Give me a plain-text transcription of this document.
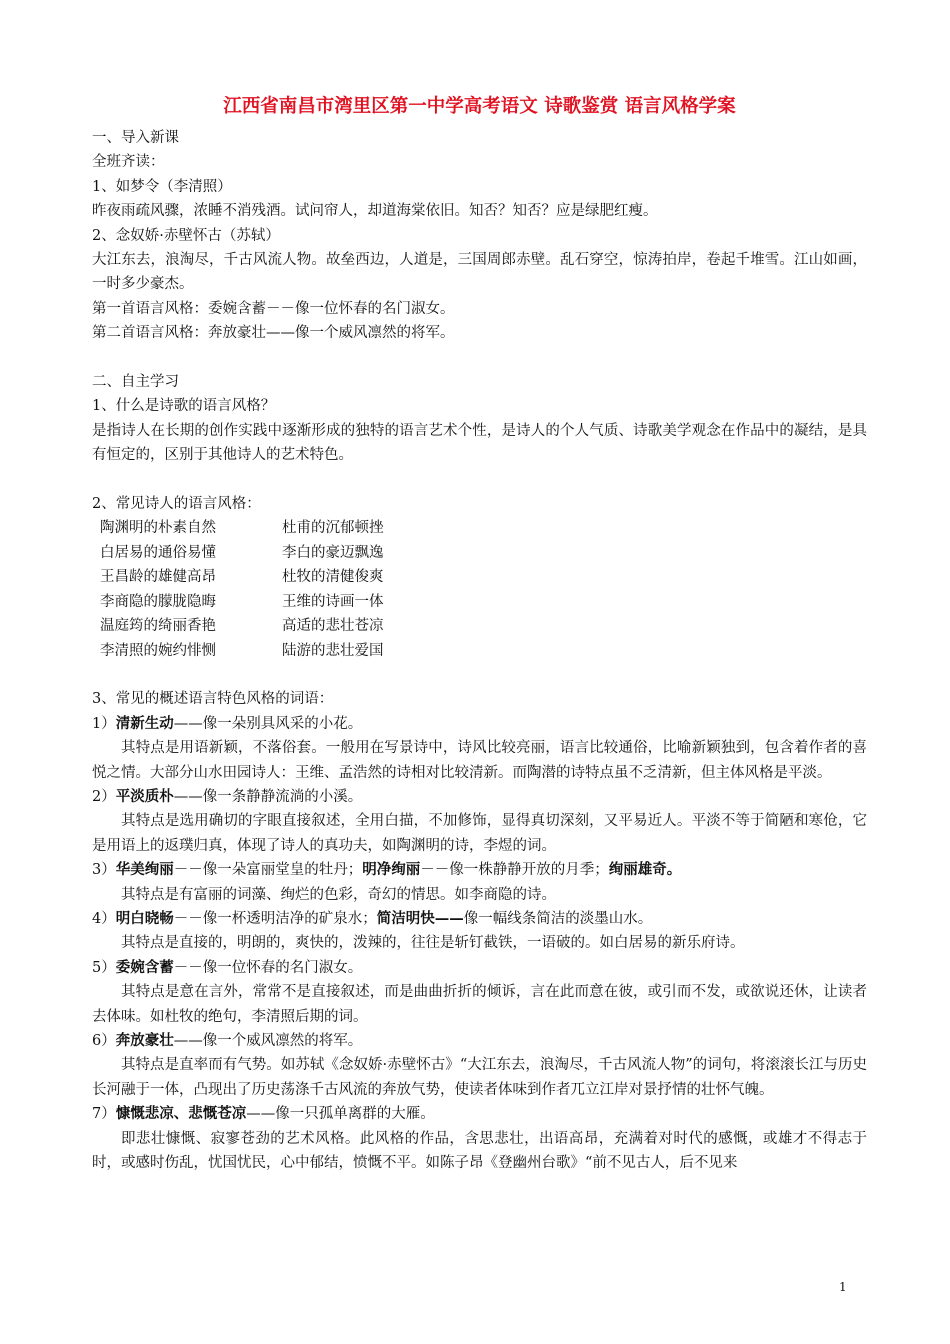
江西省南昌市湾里区第一中学高考语文 诗歌鉴赏 语言风格学案

一、导入新课

全班齐读：

1、如梦令（李清照）

昨夜雨疏风骤，浓睡不消残酒。试问帘人，却道海棠依旧。知否？知否？应是绿肥红瘦。

2、念奴娇·赤壁怀古（苏轼）

大江东去，浪淘尽，千古风流人物。故垒西边，人道是，三国周郎赤壁。乱石穿空，惊涛拍岸，卷起千堆雪。江山如画，一时多少豪杰。

第一首语言风格：委婉含蓄－－像一位怀春的名门淑女。

第二首语言风格：奔放豪壮——像一个威风凛然的将军。

二、自主学习

1、什么是诗歌的语言风格？

是指诗人在长期的创作实践中逐渐形成的独特的语言艺术个性，是诗人的个人气质、诗歌美学观念在作品中的凝结，是具有恒定的，区别于其他诗人的艺术特色。

2、常见诗人的语言风格：

陶渊明的朴素自然	杜甫的沉郁顿挫
白居易的通俗易懂	李白的豪迈飘逸
王昌龄的雄健高昂	杜牧的清健俊爽
李商隐的朦胧隐晦	王维的诗画一体
温庭筠的绮丽香艳	高适的悲壮苍凉
李清照的婉约悱恻	陆游的悲壮爱国

3、常见的概述语言特色风格的词语：

1）清新生动——像一朵别具风采的小花。

其特点是用语新颖，不落俗套。一般用在写景诗中，诗风比较亮丽，语言比较通俗，比喻新颖独到，包含着作者的喜悦之情。大部分山水田园诗人：王维、孟浩然的诗相对比较清新。而陶潜的诗特点虽不乏清新，但主体风格是平淡。

2）平淡质朴——像一条静静流淌的小溪。

其特点是选用确切的字眼直接叙述，全用白描，不加修饰，显得真切深刻，又平易近人。平淡不等于简陋和寒伧，它是用语上的返璞归真，体现了诗人的真功夫，如陶渊明的诗，李煜的词。

3）华美绚丽－－像一朵富丽堂皇的牡丹；明净绚丽－－像一株静静开放的月季；绚丽雄奇。

其特点是有富丽的词藻、绚烂的色彩，奇幻的情思。如李商隐的诗。

4）明白晓畅－－像一杯透明洁净的矿泉水；简洁明快——像一幅线条简洁的淡墨山水。

其特点是直接的，明朗的，爽快的，泼辣的，往往是斩钉截铁，一语破的。如白居易的新乐府诗。

5）委婉含蓄－－像一位怀春的名门淑女。

其特点是意在言外，常常不是直接叙述，而是曲曲折折的倾诉，言在此而意在彼，或引而不发，或欲说还休，让读者去体味。如杜牧的绝句，李清照后期的词。

6）奔放豪壮——像一个威风凛然的将军。

其特点是直率而有气势。如苏轼《念奴娇·赤壁怀古》“大江东去，浪淘尽，千古风流人物”的词句，将滚滚长江与历史长河融于一体，凸现出了历史荡涤千古风流的奔放气势，使读者体味到作者兀立江岸对景抒情的壮怀气魄。

7）慷慨悲凉、悲慨苍凉——像一只孤单离群的大雁。

即悲壮慷慨、寂寥苍劲的艺术风格。此风格的作品，含思悲壮，出语高昂，充满着对时代的感慨，或雄才不得志于时，或感时伤乱，忧国忧民，心中郁结，愤慨不平。如陈子昂《登幽州台歌》“前不见古人，后不见来

1
